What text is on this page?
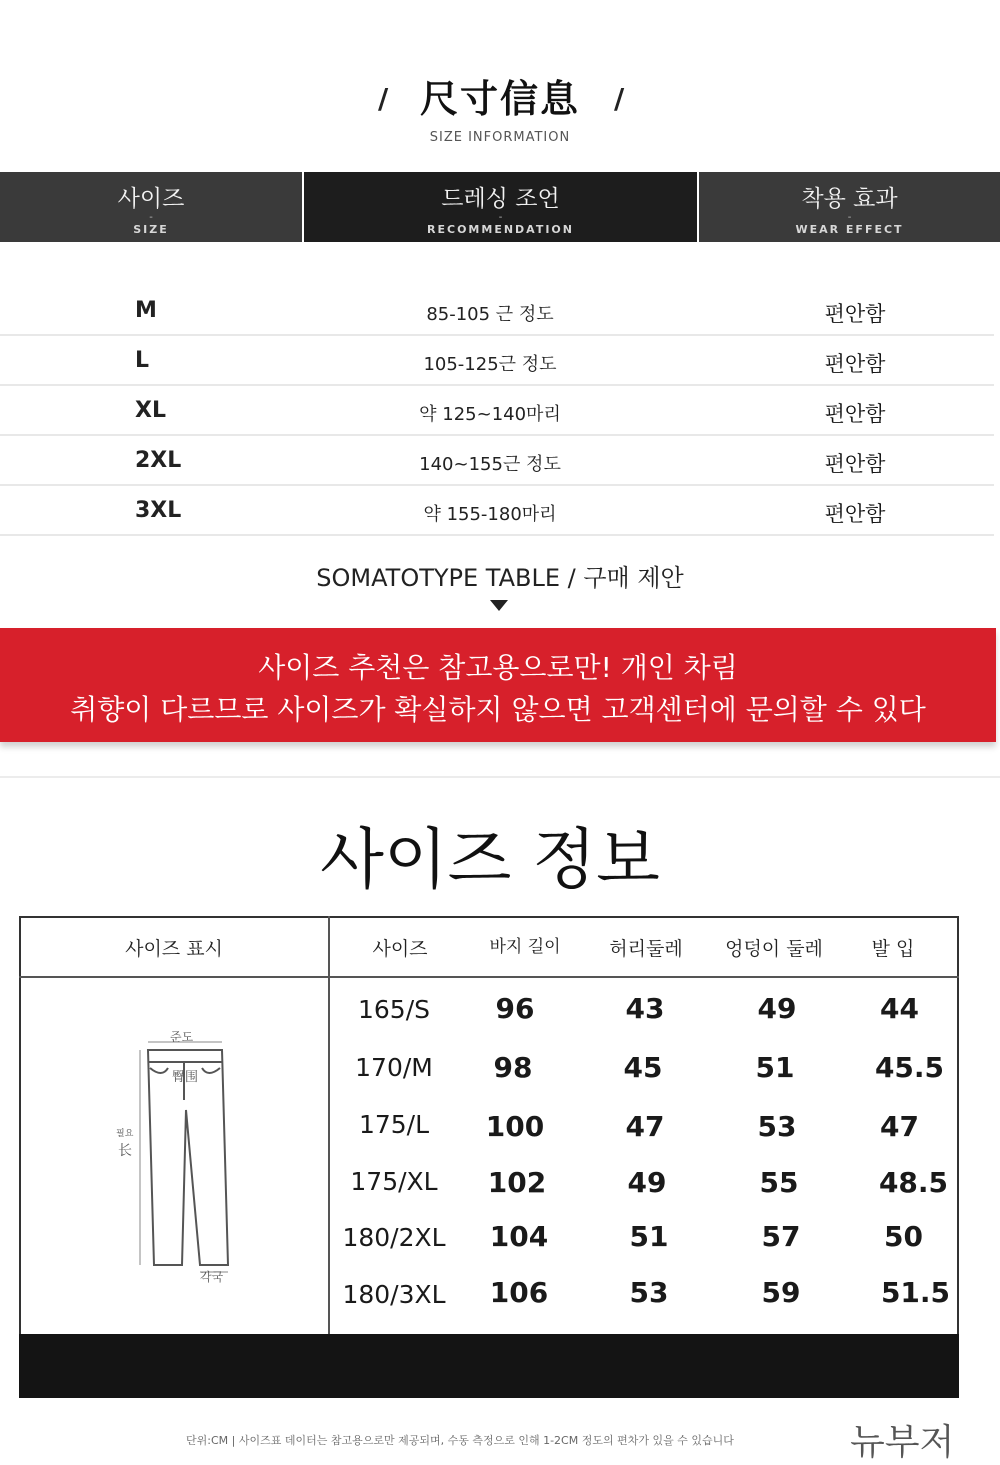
/ 尺寸信息	/
SIZE INFORMATION
사이즈
-
SIZE
드레싱 조언
-
RECOMMENDATION
착용 효과
-
WEAR EFFECT
M	85-105 근 정도	편안함
L	105-125근 정도	편안함
XL	약 125~140마리	편안함
2XL	140~155근 정도	편안함
3XL	약 155-180마리	편안함
SOMATOTYPE TABLE / 구매 제안
사이즈 추천은 참고용으로만! 개인 차림
취향이 다르므로 사이즈가 확실하지 않으면 고객센터에 문의할 수 있다
사이즈 정보
사이즈 표시	사이즈	바지 길이	허리둘레	엉덩이 둘레	발 입
165/S	96	43	49	44
170/M	98	45	51	45.5
175/L	100	47	53	47
175/XL	102	49	55	48.5
180/2XL	104	51	57	50
180/3XL	106	53	59	51.5
준도
臀围
필요
长
각국
단위:CM | 사이즈표 데이터는 참고용으로만 제공되며, 수동 측정으로 인해 1-2CM 정도의 편차가 있을 수 있습니다	뉴부저
